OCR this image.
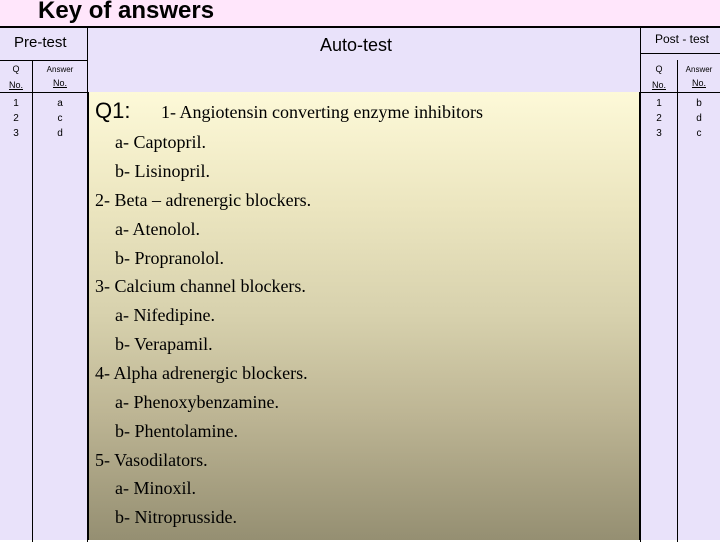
Key of answers
Pre-test
Q
No.
Answer
No.
1
2
3
a
c
d
Auto-test	Post - test
Q
No.
Answer
No.
1
2
3
b
d
c
Q1: 1- Angiotensin converting enzyme inhibitors
a- Captopril.
b- Lisinopril.
2- Beta – adrenergic blockers.
a- Atenolol.
b- Propranolol.
3- Calcium channel blockers.
a- Nifedipine.
b- Verapamil.
4- Alpha adrenergic blockers.
a- Phenoxybenzamine.
b- Phentolamine.
5- Vasodilators.
a- Minoxil.
b- Nitroprusside.
